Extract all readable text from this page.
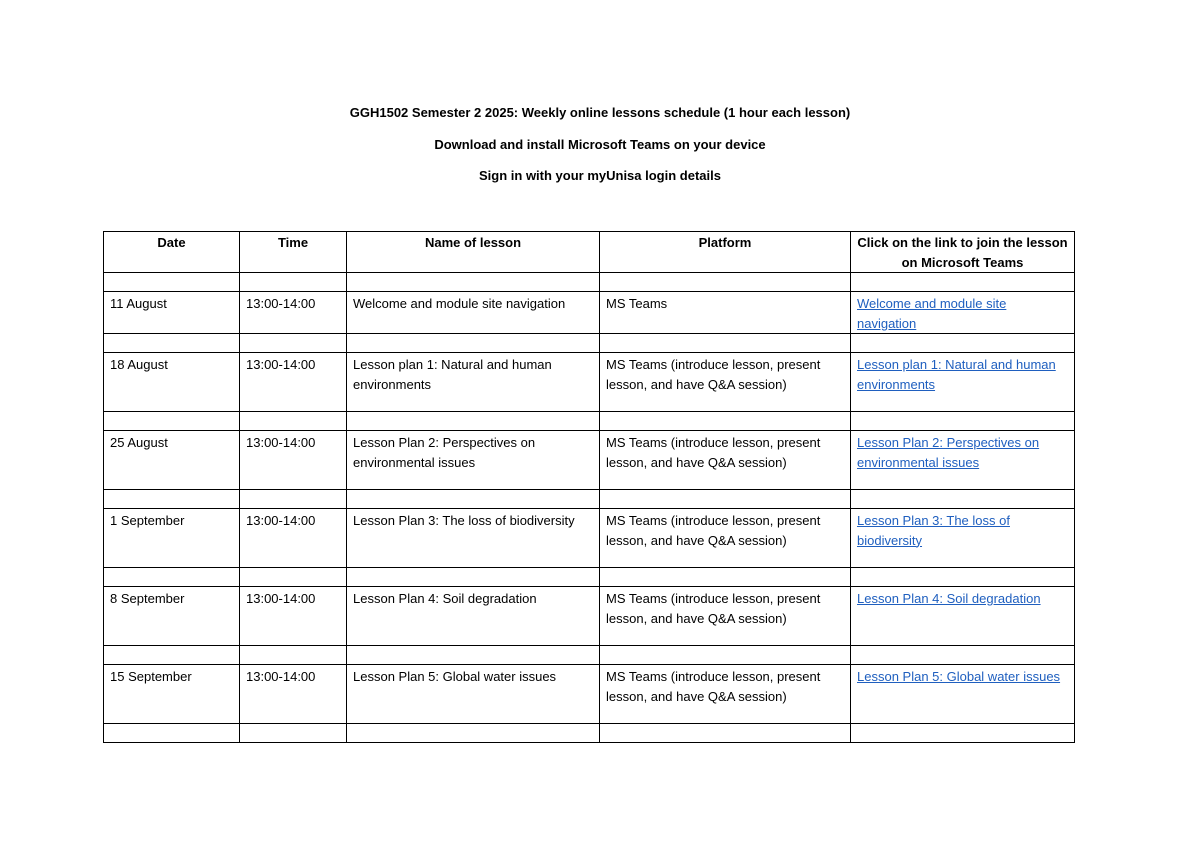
GGH1502 Semester 2 2025: Weekly online lessons schedule (1 hour each lesson)
Download and install Microsoft Teams on your device
Sign in with your myUnisa login details
Date	Time	Name of lesson	Platform	Click on the link to join the lesson on Microsoft Teams

11 August	13:00-14:00	Welcome and module site navigation	MS Teams	Welcome and module site navigation

18 August	13:00-14:00	Lesson plan 1: Natural and human environments	MS Teams (introduce lesson, present lesson, and have Q&A session)	Lesson plan 1: Natural and human environments

25 August	13:00-14:00	Lesson Plan 2: Perspectives on environmental issues	MS Teams (introduce lesson, present lesson, and have Q&A session)	Lesson Plan 2: Perspectives on environmental issues

1 September	13:00-14:00	Lesson Plan 3: The loss of biodiversity	MS Teams (introduce lesson, present lesson, and have Q&A session)	Lesson Plan 3: The loss of biodiversity

8 September	13:00-14:00	Lesson Plan 4: Soil degradation	MS Teams (introduce lesson, present lesson, and have Q&A session)	Lesson Plan 4: Soil degradation

15 September	13:00-14:00	Lesson Plan 5: Global water issues	MS Teams (introduce lesson, present lesson, and have Q&A session)	Lesson Plan 5: Global water issues
